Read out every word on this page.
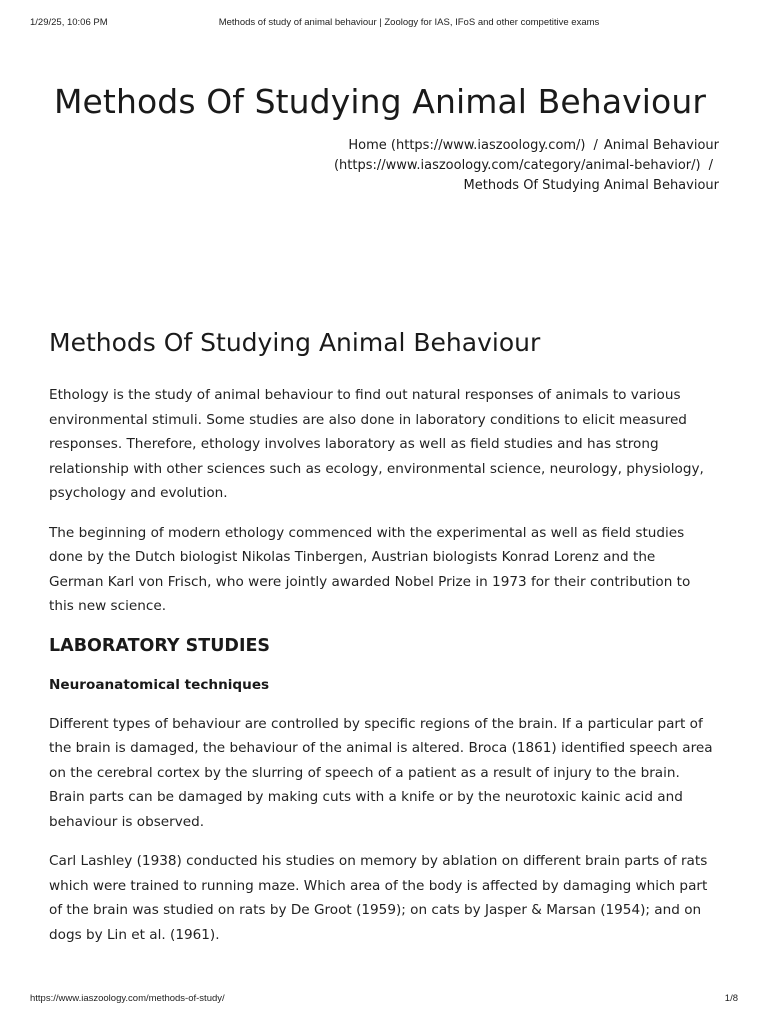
1/29/25, 10:06 PM	Methods of study of animal behaviour | Zoology for IAS, IFoS and other competitive exams
Methods Of Studying Animal Behaviour
Home (https://www.iaszoology.com/) / Animal Behaviour (https://www.iaszoology.com/category/animal-behavior/) /
Methods Of Studying Animal Behaviour
Methods Of Studying Animal Behaviour

Ethology is the study of animal behaviour to find out natural responses of animals to various environmental stimuli. Some studies are also done in laboratory conditions to elicit measured responses. Therefore, ethology involves laboratory as well as field studies and has strong relationship with other sciences such as ecology, environmental science, neurology, physiology, psychology and evolution.

The beginning of modern ethology commenced with the experimental as well as field studies done by the Dutch biologist Nikolas Tinbergen, Austrian biologists Konrad Lorenz and the German Karl von Frisch, who were jointly awarded Nobel Prize in 1973 for their contribution to this new science.

LABORATORY STUDIES
Neuroanatomical techniques

Different types of behaviour are controlled by specific regions of the brain. If a particular part of the brain is damaged, the behaviour of the animal is altered. Broca (1861) identified speech area on the cerebral cortex by the slurring of speech of a patient as a result of injury to the brain. Brain parts can be damaged by making cuts with a knife or by the neurotoxic kainic acid and behaviour is observed.

Carl Lashley (1938) conducted his studies on memory by ablation on different brain parts of rats which were trained to running maze. Which area of the body is affected by damaging which part of the brain was studied on rats by De Groot (1959); on cats by Jasper & Marsan (1954); and on dogs by Lin et al. (1961).

https://www.iaszoology.com/methods-of-study/	1/8
